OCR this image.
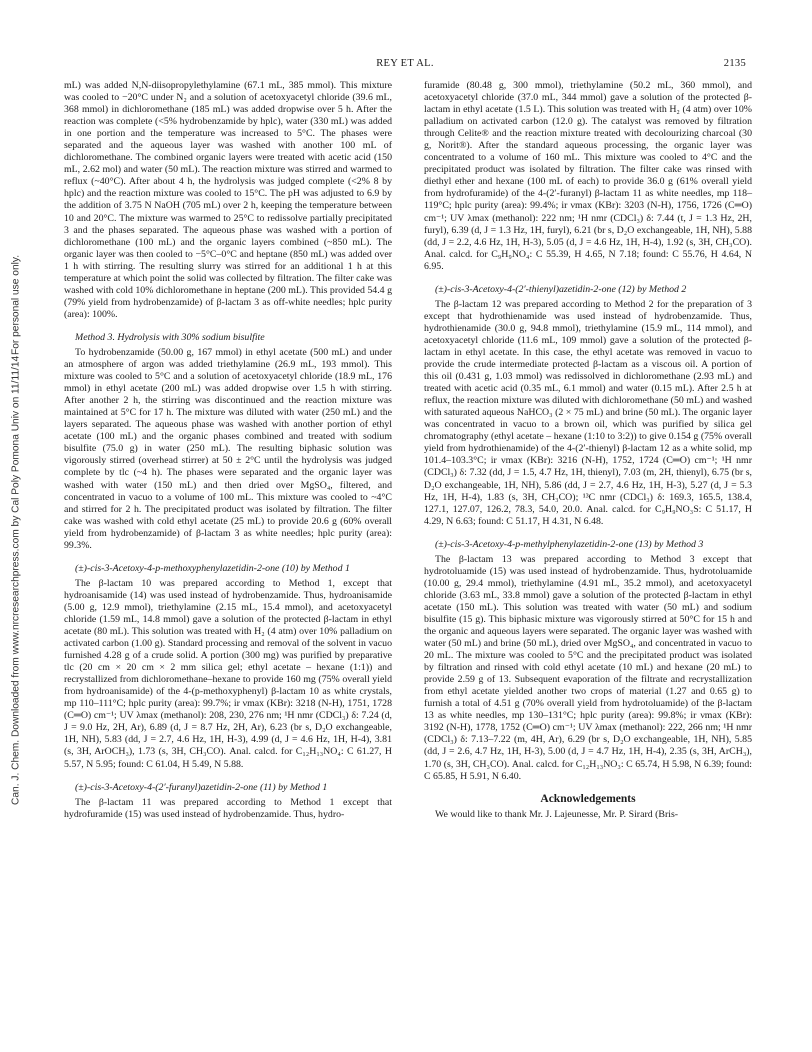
Can. J. Chem. Downloaded from www.nrcresearchpress.com by Cal Poly Pomona Univ on 11/11/14
For personal use only.
REY ET AL.	2135

mL) was added N,N-diisopropylethylamine (67.1 mL, 385 mmol). This mixture was cooled to −20°C under N₂ and a solution of acetoxyacetyl chloride (39.6 mL, 368 mmol) in dichloromethane (185 mL) was added dropwise over 5 h. After the reaction was complete (<5% hydrobenzamide by hplc), water (330 mL) was added in one portion and the temperature was increased to 5°C. The phases were separated and the aqueous layer was washed with another 100 mL of dichloromethane. The combined organic layers were treated with acetic acid (150 mL, 2.62 mol) and water (50 mL). The reaction mixture was stirred and warmed to reflux (~40°C). After about 4 h, the hydrolysis was judged complete (<2% 8 by hplc) and the reaction mixture was cooled to 15°C. The pH was adjusted to 6.9 by the addition of 3.75 N NaOH (705 mL) over 2 h, keeping the temperature between 10 and 20°C. The mixture was warmed to 25°C to redissolve partially precipitated 3 and the phases separated. The aqueous phase was washed with a portion of dichloromethane (100 mL) and the organic layers combined (~850 mL). The organic layer was then cooled to −5°C–0°C and heptane (850 mL) was added over 1 h with stirring. The resulting slurry was stirred for an additional 1 h at this temperature at which point the solid was collected by filtration. The filter cake was washed with cold 10% dichloromethane in heptane (200 mL). This provided 54.4 g (79% yield from hydrobenzamide) of β-lactam 3 as off-white needles; hplc purity (area): 100%.

Method 3. Hydrolysis with 30% sodium bisulfite

To hydrobenzamide (50.00 g, 167 mmol) in ethyl acetate (500 mL) and under an atmosphere of argon was added triethylamine (26.9 mL, 193 mmol). This mixture was cooled to 5°C and a solution of acetoxyacetyl chloride (18.9 mL, 176 mmol) in ethyl acetate (200 mL) was added dropwise over 1.5 h with stirring. After another 2 h, the stirring was discontinued and the reaction mixture was maintained at 5°C for 17 h. The mixture was diluted with water (250 mL) and the layers separated. The aqueous phase was washed with another portion of ethyl acetate (100 mL) and the organic phases combined and treated with sodium bisulfite (75.0 g) in water (250 mL). The resulting biphasic solution was vigorously stirred (overhead stirrer) at 50 ± 2°C until the hydrolysis was judged complete by tlc (~4 h). The phases were separated and the organic layer was washed with water (150 mL) and then dried over MgSO₄, filtered, and concentrated in vacuo to a volume of 100 mL. This mixture was cooled to ~4°C and stirred for 2 h. The precipitated product was isolated by filtration. The filter cake was washed with cold ethyl acetate (25 mL) to provide 20.6 g (60% overall yield from hydrobenzamide) of β-lactam 3 as white needles; hplc purity (area): 99.3%.

(±)-cis-3-Acetoxy-4-p-methoxyphenylazetidin-2-one (10) by Method 1

The β-lactam 10 was prepared according to Method 1, except that hydroanisamide (14) was used instead of hydrobenzamide. Thus, hydroanisamide (5.00 g, 12.9 mmol), triethylamine (2.15 mL, 15.4 mmol), and acetoxyacetyl chloride (1.59 mL, 14.8 mmol) gave a solution of the protected β-lactam in ethyl acetate (80 mL). This solution was treated with H₂ (4 atm) over 10% palladium on activated carbon (1.00 g). Standard processing and removal of the solvent in vacuo furnished 4.28 g of a crude solid. A portion (300 mg) was purified by preparative tlc (20 cm × 20 cm × 2 mm silica gel; ethyl acetate – hexane (1:1)) and recrystallized from dichloromethane–hexane to provide 160 mg (75% overall yield from hydroanisamide) of the 4-(p-methoxyphenyl) β-lactam 10 as white crystals, mp 110–111°C; hplc purity (area): 99.7%; ir νmax (KBr): 3218 (N-H), 1751, 1728 (C═O) cm⁻¹; UV λmax (methanol): 208, 230, 276 nm; ¹H nmr (CDCl₃) δ: 7.24 (d, J = 9.0 Hz, 2H, Ar), 6.89 (d, J = 8.7 Hz, 2H, Ar), 6.23 (br s, D₂O exchangeable, 1H, NH), 5.83 (dd, J = 2.7, 4.6 Hz, 1H, H-3), 4.99 (d, J = 4.6 Hz, 1H, H-4), 3.81 (s, 3H, ArOCH₃), 1.73 (s, 3H, CH₃CO). Anal. calcd. for C₁₂H₁₃NO₄: C 61.27, H 5.57, N 5.95; found: C 61.04, H 5.49, N 5.88.

(±)-cis-3-Acetoxy-4-(2′-furanyl)azetidin-2-one (11) by Method 1

The β-lactam 11 was prepared according to Method 1 except that hydrofuramide (15) was used instead of hydrobenzamide. Thus, hydro-

furamide (80.48 g, 300 mmol), triethylamine (50.2 mL, 360 mmol), and acetoxyacetyl chloride (37.0 mL, 344 mmol) gave a solution of the protected β-lactam in ethyl acetate (1.5 L). This solution was treated with H₂ (4 atm) over 10% palladium on activated carbon (12.0 g). The catalyst was removed by filtration through Celite® and the reaction mixture treated with decolourizing charcoal (30 g, Norit®). After the standard aqueous processing, the organic layer was concentrated to a volume of 160 mL. This mixture was cooled to 4°C and the precipitated product was isolated by filtration. The filter cake was rinsed with diethyl ether and hexane (100 mL of each) to provide 36.0 g (61% overall yield from hydrofuramide) of the 4-(2′-furanyl) β-lactam 11 as white needles, mp 118–119°C; hplc purity (area): 99.4%; ir νmax (KBr): 3203 (N-H), 1756, 1726 (C═O) cm⁻¹; UV λmax (methanol): 222 nm; ¹H nmr (CDCl₃) δ: 7.44 (t, J = 1.3 Hz, 2H, furyl), 6.39 (d, J = 1.3 Hz, 1H, furyl), 6.21 (br s, D₂O exchangeable, 1H, NH), 5.88 (dd, J = 2.2, 4.6 Hz, 1H, H-3), 5.05 (d, J = 4.6 Hz, 1H, H-4), 1.92 (s, 3H, CH₃CO). Anal. calcd. for C₉H₉NO₄: C 55.39, H 4.65, N 7.18; found: C 55.76, H 4.64, N 6.95.

(±)-cis-3-Acetoxy-4-(2′-thienyl)azetidin-2-one (12) by Method 2

The β-lactam 12 was prepared according to Method 2 for the preparation of 3 except that hydrothienamide was used instead of hydrobenzamide. Thus, hydrothienamide (30.0 g, 94.8 mmol), triethylamine (15.9 mL, 114 mmol), and acetoxyacetyl chloride (11.6 mL, 109 mmol) gave a solution of the protected β-lactam in ethyl acetate. In this case, the ethyl acetate was removed in vacuo to provide the crude intermediate protected β-lactam as a viscous oil. A portion of this oil (0.431 g, 1.03 mmol) was redissolved in dichloromethane (2.93 mL) and treated with acetic acid (0.35 mL, 6.1 mmol) and water (0.15 mL). After 2.5 h at reflux, the reaction mixture was diluted with dichloromethane (50 mL) and washed with saturated aqueous NaHCO₃ (2 × 75 mL) and brine (50 mL). The organic layer was concentrated in vacuo to a brown oil, which was purified by silica gel chromatography (ethyl acetate – hexane (1:10 to 3:2)) to give 0.154 g (75% overall yield from hydrothienamide) of the 4-(2′-thienyl) β-lactam 12 as a white solid, mp 101.4–103.3°C; ir νmax (KBr): 3216 (N-H), 1752, 1724 (C═O) cm⁻¹; ¹H nmr (CDCl₃) δ: 7.32 (dd, J = 1.5, 4.7 Hz, 1H, thienyl), 7.03 (m, 2H, thienyl), 6.75 (br s, D₂O exchangeable, 1H, NH), 5.86 (dd, J = 2.7, 4.6 Hz, 1H, H-3), 5.27 (d, J = 5.3 Hz, 1H, H-4), 1.83 (s, 3H, CH₃CO); ¹³C nmr (CDCl₃) δ: 169.3, 165.5, 138.4, 127.1, 127.07, 126.2, 78.3, 54.0, 20.0. Anal. calcd. for C₉H₉NO₃S: C 51.17, H 4.29, N 6.63; found: C 51.17, H 4.31, N 6.48.

(±)-cis-3-Acetoxy-4-p-methylphenylazetidin-2-one (13) by Method 3

The β-lactam 13 was prepared according to Method 3 except that hydrotoluamide (15) was used instead of hydrobenzamide. Thus, hydrotoluamide (10.00 g, 29.4 mmol), triethylamine (4.91 mL, 35.2 mmol), and acetoxyacetyl chloride (3.63 mL, 33.8 mmol) gave a solution of the protected β-lactam in ethyl acetate (150 mL). This solution was treated with water (50 mL) and sodium bisulfite (15 g). This biphasic mixture was vigorously stirred at 50°C for 15 h and the organic and aqueous layers were separated. The organic layer was washed with water (50 mL) and brine (50 mL), dried over MgSO₄, and concentrated in vacuo to 20 mL. The mixture was cooled to 5°C and the precipitated product was isolated by filtration and rinsed with cold ethyl acetate (10 mL) and hexane (20 mL) to provide 2.59 g of 13. Subsequent evaporation of the filtrate and recrystallization from ethyl acetate yielded another two crops of material (1.27 and 0.65 g) to furnish a total of 4.51 g (70% overall yield from hydrotoluamide) of the β-lactam 13 as white needles, mp 130–131°C; hplc purity (area): 99.8%; ir νmax (KBr): 3192 (N-H), 1778, 1752 (C═O) cm⁻¹; UV λmax (methanol): 222, 266 nm; ¹H nmr (CDCl₃) δ: 7.13–7.22 (m, 4H, Ar), 6.29 (br s, D₂O exchangeable, 1H, NH), 5.85 (dd, J = 2.6, 4.7 Hz, 1H, H-3), 5.00 (d, J = 4.7 Hz, 1H, H-4), 2.35 (s, 3H, ArCH₃), 1.70 (s, 3H, CH₃CO). Anal. calcd. for C₁₂H₁₃NO₃: C 65.74, H 5.98, N 6.39; found: C 65.85, H 5.91, N 6.40.

Acknowledgements

We would like to thank Mr. J. Lajeunesse, Mr. P. Sirard (Bris-
